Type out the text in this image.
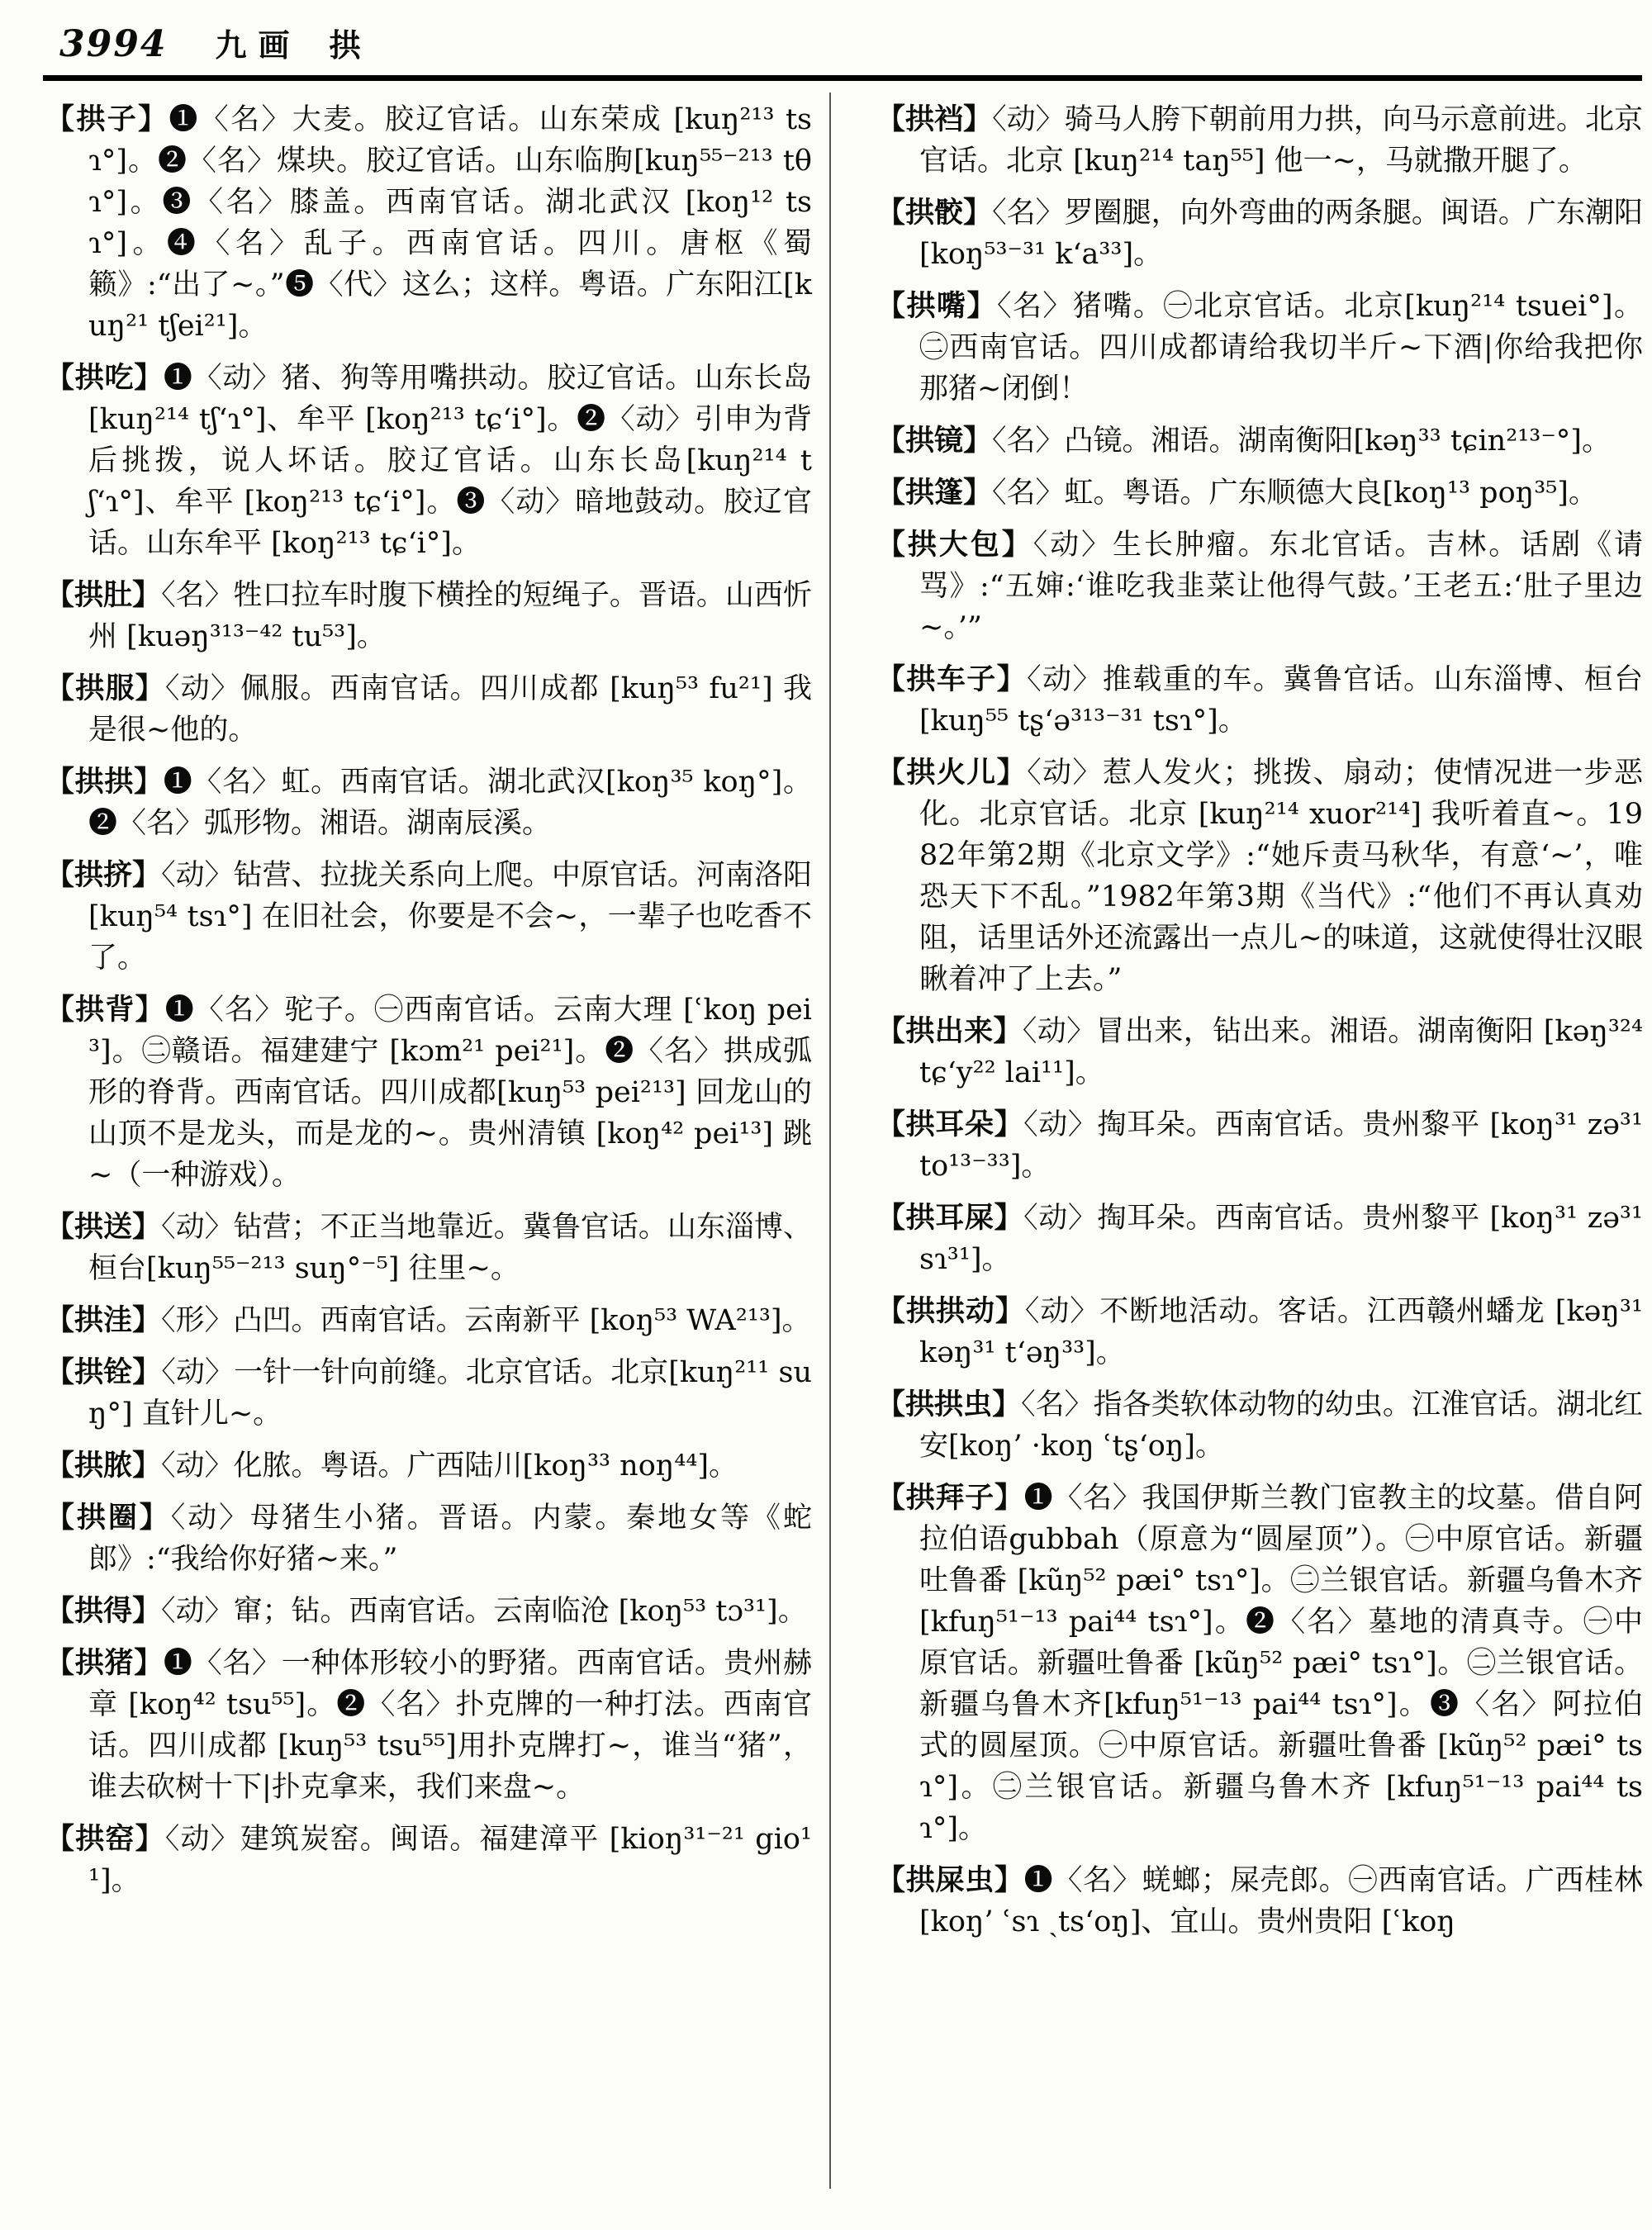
3994 九画 拱

【拱子】❶〈名〉大麦。胶辽官话。山东荣成 [kuŋ²¹³ tsɿ°]。❷〈名〉煤块。胶辽官话。山东临朐[kuŋ⁵⁵⁻²¹³ tθɿ°]。❸〈名〉膝盖。西南官话。湖北武汉 [koŋ¹² tsɿ°]。❹〈名〉乱子。西南官话。四川。唐枢《蜀籁》:“出了~。”❺〈代〉这么；这样。粤语。广东阳江[kuŋ²¹ tʃei²¹]。

【拱吃】❶〈动〉猪、狗等用嘴拱动。胶辽官话。山东长岛[kuŋ²¹⁴ tʃ‘ɿ°]、牟平 [koŋ²¹³ tɕ‘i°]。❷〈动〉引申为背后挑拨，说人坏话。胶辽官话。山东长岛[kuŋ²¹⁴ tʃ‘ɿ°]、牟平 [koŋ²¹³ tɕ‘i°]。❸〈动〉暗地鼓动。胶辽官话。山东牟平 [koŋ²¹³ tɕ‘i°]。

【拱肚】〈名〉牲口拉车时腹下横拴的短绳子。晋语。山西忻州 [kuəŋ³¹³⁻⁴² tu⁵³]。

【拱服】〈动〉佩服。西南官话。四川成都 [kuŋ⁵³ fu²¹] 我是很~他的。

【拱拱】❶〈名〉虹。西南官话。湖北武汉[koŋ³⁵ koŋ°]。❷〈名〉弧形物。湘语。湖南辰溪。

【拱挤】〈动〉钻营、拉拢关系向上爬。中原官话。河南洛阳 [kuŋ⁵⁴ tsɿ°] 在旧社会，你要是不会~，一辈子也吃香不了。

【拱背】❶〈名〉驼子。㊀西南官话。云南大理 [ʿkoŋ pei³]。㊁赣语。福建建宁 [kɔm²¹ pei²¹]。❷〈名〉拱成弧形的脊背。西南官话。四川成都[kuŋ⁵³ pei²¹³] 回龙山的山顶不是龙头，而是龙的~。贵州清镇 [koŋ⁴² pei¹³] 跳~（一种游戏）。

【拱送】〈动〉钻营；不正当地靠近。冀鲁官话。山东淄博、桓台[kuŋ⁵⁵⁻²¹³ suŋ°⁻⁵] 往里~。

【拱洼】〈形〉凸凹。西南官话。云南新平 [koŋ⁵³ WA²¹³]。

【拱铨】〈动〉一针一针向前缝。北京官话。北京[kuŋ²¹¹ suŋ°] 直针儿~。

【拱脓】〈动〉化脓。粤语。广西陆川[koŋ³³ noŋ⁴⁴]。

【拱圈】〈动〉母猪生小猪。晋语。内蒙。秦地女等《蛇郎》:“我给你好猪~来。”

【拱得】〈动〉窜；钻。西南官话。云南临沧 [koŋ⁵³ tɔ³¹]。

【拱猪】❶〈名〉一种体形较小的野猪。西南官话。贵州赫章 [koŋ⁴² tsu⁵⁵]。❷〈名〉扑克牌的一种打法。西南官话。四川成都 [kuŋ⁵³ tsu⁵⁵]用扑克牌打~，谁当“猪”，谁去砍树十下|扑克拿来，我们来盘~。

【拱窑】〈动〉建筑炭窑。闽语。福建漳平 [kioŋ³¹⁻²¹ gio¹¹]。

【拱裆】〈动〉骑马人胯下朝前用力拱，向马示意前进。北京官话。北京 [kuŋ²¹⁴ taŋ⁵⁵] 他一~，马就撒开腿了。

【拱骹】〈名〉罗圈腿，向外弯曲的两条腿。闽语。广东潮阳 [koŋ⁵³⁻³¹ k‘a³³]。

【拱嘴】〈名〉猪嘴。㊀北京官话。北京[kuŋ²¹⁴ tsuei°]。㊁西南官话。四川成都请给我切半斤~下酒|你给我把你那猪~闭倒！

【拱镜】〈名〉凸镜。湘语。湖南衡阳[kəŋ³³ tɕin²¹³⁻°]。

【拱篷】〈名〉虹。粤语。广东顺德大良[koŋ¹³ poŋ³⁵]。

【拱大包】〈动〉生长肿瘤。东北官话。吉林。话剧《请骂》:“五婶:‘谁吃我韭菜让他得气鼓。’王老五:‘肚子里边~。’”

【拱车子】〈动〉推载重的车。冀鲁官话。山东淄博、桓台 [kuŋ⁵⁵ tʂ‘ə³¹³⁻³¹ tsɿ°]。

【拱火儿】〈动〉惹人发火；挑拨、扇动；使情况进一步恶化。北京官话。北京 [kuŋ²¹⁴ xuor²¹⁴] 我听着直~。1982年第2期《北京文学》:“她斥责马秋华，有意‘~’，唯恐天下不乱。”1982年第3期《当代》:“他们不再认真劝阻，话里话外还流露出一点儿~的味道，这就使得壮汉眼瞅着冲了上去。”

【拱出来】〈动〉冒出来，钻出来。湘语。湖南衡阳 [kəŋ³²⁴ tɕ‘y²² lai¹¹]。

【拱耳朵】〈动〉掏耳朵。西南官话。贵州黎平 [koŋ³¹ zə³¹ to¹³⁻³³]。

【拱耳屎】〈动〉掏耳朵。西南官话。贵州黎平 [koŋ³¹ zə³¹ sɿ³¹]。

【拱拱动】〈动〉不断地活动。客话。江西赣州蟠龙 [kəŋ³¹ kəŋ³¹ t‘əŋ³³]。

【拱拱虫】〈名〉指各类软体动物的幼虫。江淮官话。湖北红安[koŋ’ ·koŋ ʿtʂ‘oŋ]。

【拱拜子】❶〈名〉我国伊斯兰教门宦教主的坟墓。借自阿拉伯语gubbah（原意为“圆屋顶”）。㊀中原官话。新疆吐鲁番 [kũŋ⁵² pæi° tsɿ°]。㊁兰银官话。新疆乌鲁木齐[kfuŋ⁵¹⁻¹³ pai⁴⁴ tsɿ°]。❷〈名〉墓地的清真寺。㊀中原官话。新疆吐鲁番 [kũŋ⁵² pæi° tsɿ°]。㊁兰银官话。新疆乌鲁木齐[kfuŋ⁵¹⁻¹³ pai⁴⁴ tsɿ°]。❸〈名〉阿拉伯式的圆屋顶。㊀中原官话。新疆吐鲁番 [kũŋ⁵² pæi° tsɿ°]。㊁兰银官话。新疆乌鲁木齐 [kfuŋ⁵¹⁻¹³ pai⁴⁴ tsɿ°]。

【拱屎虫】❶〈名〉蜣螂；屎壳郎。㊀西南官话。广西桂林 [koŋ’ ʿsɿ ˏts‘oŋ]、宜山。贵州贵阳 [ʿkoŋ
